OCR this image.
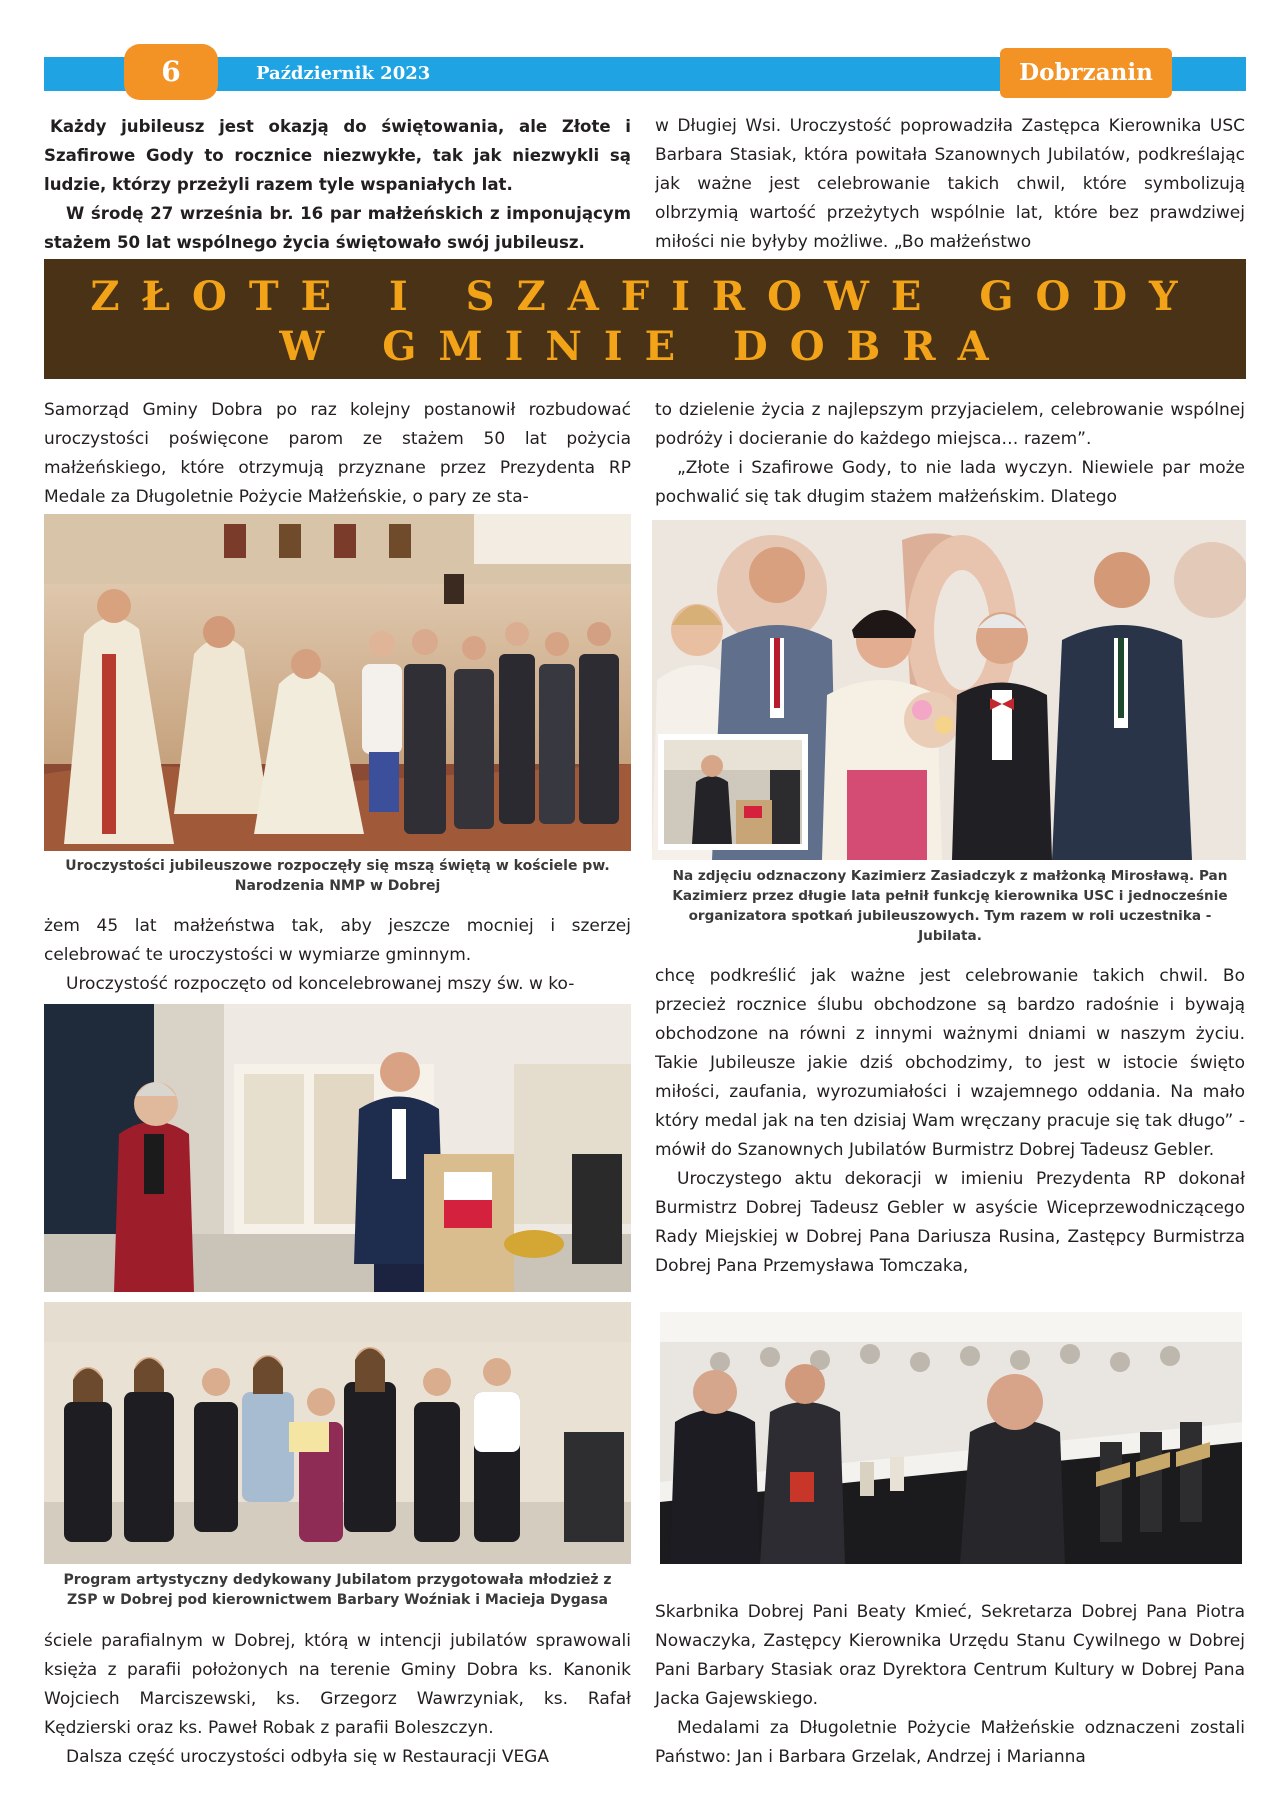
6	Październik 2023	Dobrzanin

Każdy jubileusz jest okazją do świętowania, ale Złote i Szafirowe Gody to rocznice niezwykłe, tak jak niezwykli są ludzie, którzy przeżyli razem tyle wspaniałych lat.

W środę 27 września br. 16 par małżeńskich z imponującym stażem 50 lat wspólnego życia świętowało swój jubileusz.

w Długiej Wsi. Uroczystość poprowadziła Zastępca Kierownika USC Barbara Stasiak, która powitała Szanownych Jubilatów, podkreślając jak ważne jest celebrowanie takich chwil, które symbolizują olbrzymią wartość przeżytych wspólnie lat, które bez prawdziwej miłości nie byłyby możliwe. „Bo małżeństwo

ZŁOTE I SZAFIROWE GODY
W GMINIE DOBRA

Samorząd Gminy Dobra po raz kolejny postanowił rozbudować uroczystości poświęcone parom ze stażem 50 lat pożycia małżeńskiego, które otrzymują przyznane przez Prezydenta RP Medale za Długoletnie Pożycie Małżeńskie, o pary ze sta-

Uroczystości jubileuszowe rozpoczęły się mszą świętą w kościele pw. Narodzenia NMP w Dobrej

żem 45 lat małżeństwa tak, aby jeszcze mocniej i szerzej celebrować te uroczystości w wymiarze gminnym.

Uroczystość rozpoczęto od koncelebrowanej mszy św. w ko-

Program artystyczny dedykowany Jubilatom przygotowała młodzież z ZSP w Dobrej pod kierownictwem Barbary Woźniak i Macieja Dygasa

ściele parafialnym w Dobrej, którą w intencji jubilatów sprawowali księża z parafii położonych na terenie Gminy Dobra ks. Kanonik Wojciech Marciszewski, ks. Grzegorz Wawrzyniak, ks. Rafał Kędzierski oraz ks. Paweł Robak z parafii Boleszczyn.

Dalsza część uroczystości odbyła się w Restauracji VEGA

to dzielenie życia z najlepszym przyjacielem, celebrowanie wspólnej podróży i docieranie do każdego miejsca… razem”.

„Złote i Szafirowe Gody, to nie lada wyczyn. Niewiele par może pochwalić się tak długim stażem małżeńskim. Dlatego

Na zdjęciu odznaczony Kazimierz Zasiadczyk z małżonką Mirosławą. Pan Kazimierz przez długie lata pełnił funkcję kierownika USC i jednocześnie organizatora spotkań jubileuszowych. Tym razem w roli uczestnika - Jubilata.

chcę podkreślić jak ważne jest celebrowanie takich chwil. Bo przecież rocznice ślubu obchodzone są bardzo radośnie i bywają obchodzone na równi z innymi ważnymi dniami w naszym życiu. Takie Jubileusze jakie dziś obchodzimy, to jest w istocie święto miłości, zaufania, wyrozumiałości i wzajemnego oddania. Na mało który medal jak na ten dzisiaj Wam wręczany pracuje się tak długo” - mówił do Szanownych Jubilatów Burmistrz Dobrej Tadeusz Gebler.

Uroczystego aktu dekoracji w imieniu Prezydenta RP dokonał Burmistrz Dobrej Tadeusz Gebler w asyście Wiceprzewodniczącego Rady Miejskiej w Dobrej Pana Dariusza Rusina, Zastępcy Burmistrza Dobrej Pana Przemysława Tomczaka,

Skarbnika Dobrej Pani Beaty Kmieć, Sekretarza Dobrej Pana Piotra Nowaczyka, Zastępcy Kierownika Urzędu Stanu Cywilnego w Dobrej Pani Barbary Stasiak oraz Dyrektora Centrum Kultury w Dobrej Pana Jacka Gajewskiego.

Medalami za Długoletnie Pożycie Małżeńskie odznaczeni zostali Państwo: Jan i Barbara Grzelak, Andrzej i Marianna
